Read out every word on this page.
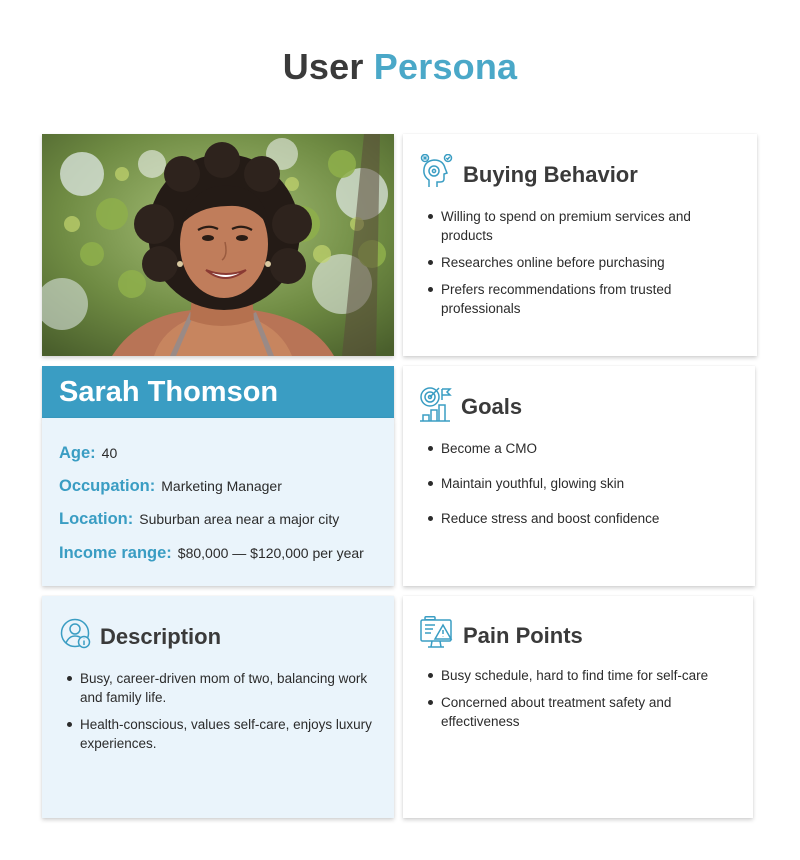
User Persona
Sarah Thomson
Age: 40
Occupation: Marketing Manager
Location: Suburban area near a major city
Income range: $80,000 — $120,000 per year
Buying Behavior
Willing to spend on premium services and products
Researches online before purchasing
Prefers recommendations from trusted professionals
Goals
Become a CMO
Maintain youthful, glowing skin
Reduce stress and boost confidence
Description
Busy, career-driven mom of two, balancing work and family life.
Health-conscious, values self-care, enjoys luxury experiences.
Pain Points
Busy schedule, hard to find time for self-care
Concerned about treatment safety and effectiveness
